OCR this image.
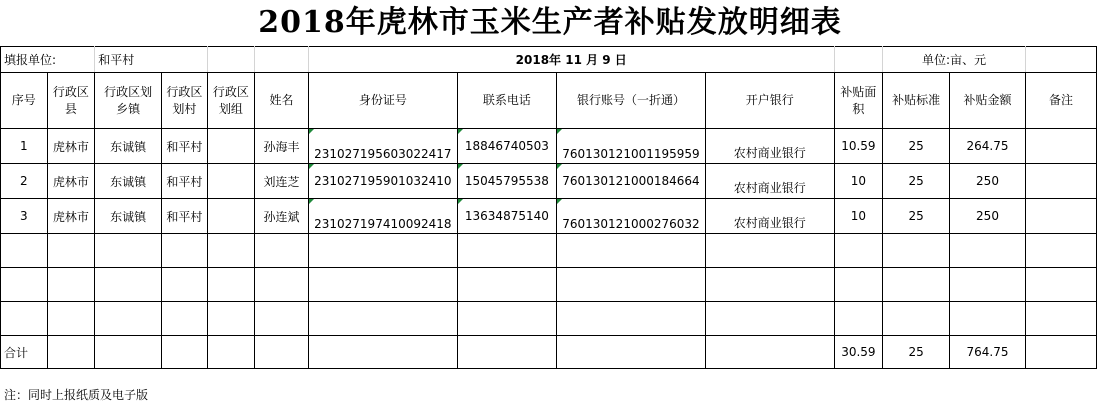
2018年虎林市玉米生产者补贴发放明细表
填报单位:		和平村				2018年 11 月 9 日					单位:亩、元		
序号	行政区县	行政区划乡镇	行政区划村	行政区划组	姓名	身份证号	联系电话	银行账号（一折通）	开户银行	补贴面积	补贴标准	补贴金额	备注
1	虎林市	东诚镇	和平村		孙海丰	231027195603022417	18846740503	760130121001195959	农村商业银行	10.59	25	264.75	
2	虎林市	东诚镇	和平村		刘连芝	231027195901032410	15045795538	760130121000184664	农村商业银行	10	25	250	
3	虎林市	东诚镇	和平村		孙连斌	231027197410092418	13634875140	760130121000276032	农村商业银行	10	25	250	

合计										30.59	25	764.75	
注：同时上报纸质及电子版
